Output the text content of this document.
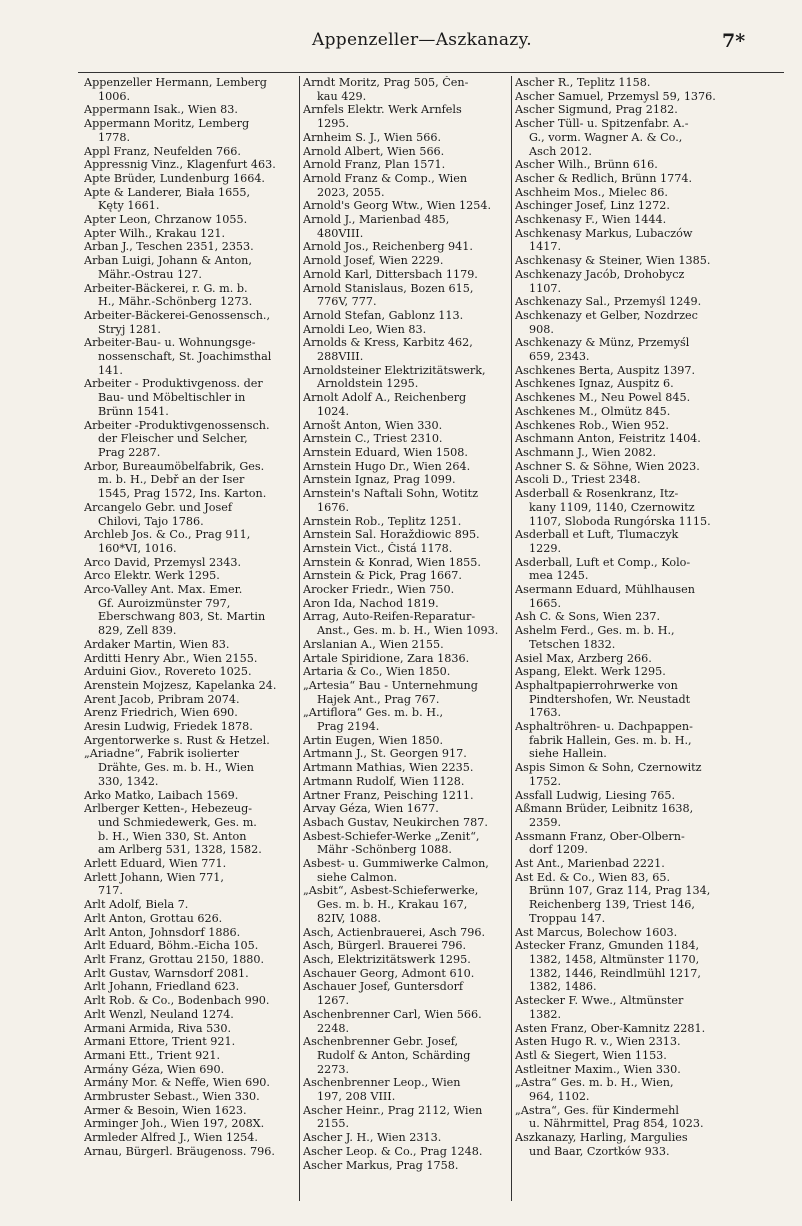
Appenzeller—Aszkanazy.	7*
Appenzeller Hermann, Lemberg
1006.
Appermann Isak., Wien 83.
Appermann Moritz, Lemberg
1778.
Appl Franz, Neufelden 766.
Appressnig Vinz., Klagenfurt 463.
Apte Brüder, Lundenburg 1664.
Apte & Landerer, Biała 1655,
Kęty 1661.
Apter Leon, Chrzanow 1055.
Apter Wilh., Krakau 121.
Arban J., Teschen 2351, 2353.
Arban Luigi, Johann & Anton,
Mähr.-Ostrau 127.
Arbeiter-Bäckerei, r. G. m. b.
H., Mähr.-Schönberg 1273.
Arbeiter-Bäckerei-Genossensch.,
Stryj 1281.
Arbeiter-Bau- u. Wohnungsge-
nossenschaft, St. Joachimsthal
141.
Arbeiter - Produktivgenoss. der
Bau- und Möbeltischler in
Brünn 1541.
Arbeiter -Produktivgenossensch.
der Fleischer und Selcher,
Prag 2287.
Arbor, Bureaumöbelfabrik, Ges.
m. b. H., Debř an der Iser
1545, Prag 1572, Ins. Karton.
Arcangelo Gebr. und Josef
Chilovi, Tajo 1786.
Archleb Jos. & Co., Prag 911,
160*VI, 1016.
Arco David, Przemysl 2343.
Arco Elektr. Werk 1295.
Arco-Valley Ant. Max. Emer.
Gf. Auroizmünster 797,
Eberschwang 803, St. Martin
829, Zell 839.
Ardaker Martin, Wien 83.
Arditti Henry Abr., Wien 2155.
Arduini Giov., Rovereto 1025.
Arenstein Mojzesz, Kapelanka 24.
Arent Jacob, Pribram 2074.
Arenz Friedrich, Wien 690.
Aresin Ludwig, Friedek 1878.
Argentorwerke s. Rust & Hetzel.
„Ariadne“, Fabrik isolierter
Drähte, Ges. m. b. H., Wien
330, 1342.
Arko Matko, Laibach 1569.
Arlberger Ketten-, Hebezeug-
und Schmiedewerk, Ges. m.
b. H., Wien 330, St. Anton
am Arlberg 531, 1328, 1582.
Arlett Eduard, Wien 771.
Arlett Johann, Wien 771,
717.
Arlt Adolf, Biela 7.
Arlt Anton, Grottau 626.
Arlt Anton, Johnsdorf 1886.
Arlt Eduard, Böhm.-Eicha 105.
Arlt Franz, Grottau 2150, 1880.
Arlt Gustav, Warnsdorf 2081.
Arlt Johann, Friedland 623.
Arlt Rob. & Co., Bodenbach 990.
Arlt Wenzl, Neuland 1274.
Armani Armida, Riva 530.
Armani Ettore, Trient 921.
Armani Ett., Trient 921.
Armány Géza, Wien 690.
Armány Mor. & Neffe, Wien 690.
Armbruster Sebast., Wien 330.
Armer & Besoin, Wien 1623.
Arminger Joh., Wien 197, 208X.
Armleder Alfred J., Wien 1254.
Arnau, Bürgerl. Bräugenoss. 796.
Arndt Moritz, Prag 505, Čen-
kau 429.
Arnfels Elektr. Werk Arnfels
1295.
Arnheim S. J., Wien 566.
Arnold Albert, Wien 566.
Arnold Franz, Plan 1571.
Arnold Franz & Comp., Wien
2023, 2055.
Arnold's Georg Wtw., Wien 1254.
Arnold J., Marienbad 485,
480VIII.
Arnold Jos., Reichenberg 941.
Arnold Josef, Wien 2229.
Arnold Karl, Dittersbach 1179.
Arnold Stanislaus, Bozen 615,
776V, 777.
Arnold Stefan, Gablonz 113.
Arnoldi Leo, Wien 83.
Arnolds & Kress, Karbitz 462,
288VIII.
Arnoldsteiner Elektrizitätswerk,
Arnoldstein 1295.
Arnolt Adolf A., Reichenberg
1024.
Arnošt Anton, Wien 330.
Arnstein C., Triest 2310.
Arnstein Eduard, Wien 1508.
Arnstein Hugo Dr., Wien 264.
Arnstein Ignaz, Prag 1099.
Arnstein's Naftali Sohn, Wotitz
1676.
Arnstein Rob., Teplitz 1251.
Arnstein Sal. Horaždiowic 895.
Arnstein Vict., Čistá 1178.
Arnstein & Konrad, Wien 1855.
Arnstein & Pick, Prag 1667.
Arocker Friedr., Wien 750.
Aron Ida, Nachod 1819.
Arrag, Auto-Reifen-Reparatur-
Anst., Ges. m. b. H., Wien 1093.
Arslanian A., Wien 2155.
Artale Spiridione, Zara 1836.
Artaria & Co., Wien 1850.
„Artesia“ Bau - Unternehmung
Hajek Ant., Prag 767.
„Artiflora“ Ges. m. b. H.,
Prag 2194.
Artin Eugen, Wien 1850.
Artmann J., St. Georgen 917.
Artmann Mathias, Wien 2235.
Artmann Rudolf, Wien 1128.
Artner Franz, Peisching 1211.
Arvay Géza, Wien 1677.
Asbach Gustav, Neukirchen 787.
Asbest-Schiefer-Werke „Zenit“,
Mähr -Schönberg 1088.
Asbest- u. Gummiwerke Calmon,
siehe Calmon.
„Asbit“, Asbest-Schieferwerke,
Ges. m. b. H., Krakau 167,
82IV, 1088.
Asch, Actienbrauerei, Asch 796.
Asch, Bürgerl. Brauerei 796.
Asch, Elektrizitätswerk 1295.
Aschauer Georg, Admont 610.
Aschauer Josef, Guntersdorf
1267.
Aschenbrenner Carl, Wien 566.
2248.
Aschenbrenner Gebr. Josef,
Rudolf & Anton, Schärding
2273.
Aschenbrenner Leop., Wien
197, 208 VIII.
Ascher Heinr., Prag 2112, Wien
2155.
Ascher J. H., Wien 2313.
Ascher Leop. & Co., Prag 1248.
Ascher Markus, Prag 1758.
Ascher R., Teplitz 1158.
Ascher Samuel, Przemysl 59, 1376.
Ascher Sigmund, Prag 2182.
Ascher Tüll- u. Spitzenfabr. A.-
G., vorm. Wagner A. & Co.,
Asch 2012.
Ascher Wilh., Brünn 616.
Ascher & Redlich, Brünn 1774.
Aschheim Mos., Mielec 86.
Aschinger Josef, Linz 1272.
Aschkenasy F., Wien 1444.
Aschkenasy Markus, Lubaczów
1417.
Aschkenasy & Steiner, Wien 1385.
Aschkenazy Jacób, Drohobycz
1107.
Aschkenazy Sal., Przemyśl 1249.
Aschkenazy et Gelber, Nozdrzec
908.
Aschkenazy & Münz, Przemyśl
659, 2343.
Aschkenes Berta, Auspitz 1397.
Aschkenes Ignaz, Auspitz 6.
Aschkenes M., Neu Powel 845.
Aschkenes M., Olmütz 845.
Aschkenes Rob., Wien 952.
Aschmann Anton, Feistritz 1404.
Aschmann J., Wien 2082.
Aschner S. & Söhne, Wien 2023.
Ascoli D., Triest 2348.
Asderball & Rosenkranz, Itz-
kany 1109, 1140, Czernowitz
1107, Sloboda Rungórska 1115.
Asderball et Luft, Tlumaczyk
1229.
Asderball, Luft et Comp., Kolo-
mea 1245.
Asermann Eduard, Mühlhausen
1665.
Ash C. & Sons, Wien 237.
Ashelm Ferd., Ges. m. b. H.,
Tetschen 1832.
Asiel Max, Arzberg 266.
Aspang, Elekt. Werk 1295.
Asphaltpapierrohrwerke von
Pindtershofen, Wr. Neustadt
1763.
Asphaltröhren- u. Dachpappen-
fabrik Hallein, Ges. m. b. H.,
siehe Hallein.
Aspis Simon & Sohn, Czernowitz
1752.
Assfall Ludwig, Liesing 765.
Aßmann Brüder, Leibnitz 1638,
2359.
Assmann Franz, Ober-Olbern-
dorf 1209.
Ast Ant., Marienbad 2221.
Ast Ed. & Co., Wien 83, 65.
Brünn 107, Graz 114, Prag 134,
Reichenberg 139, Triest 146,
Troppau 147.
Ast Marcus, Bolechow 1603.
Astecker Franz, Gmunden 1184,
1382, 1458, Altmünster 1170,
1382, 1446, Reindlmühl 1217,
1382, 1486.
Astecker F. Wwe., Altmünster
1382.
Asten Franz, Ober-Kamnitz 2281.
Asten Hugo R. v., Wien 2313.
Astl & Siegert, Wien 1153.
Astleitner Maxim., Wien 330.
„Astra“ Ges. m. b. H., Wien,
964, 1102.
„Astra“, Ges. für Kindermehl
u. Nährmittel, Prag 854, 1023.
Aszkanazy, Harling, Margulies
und Baar, Czortków 933.
